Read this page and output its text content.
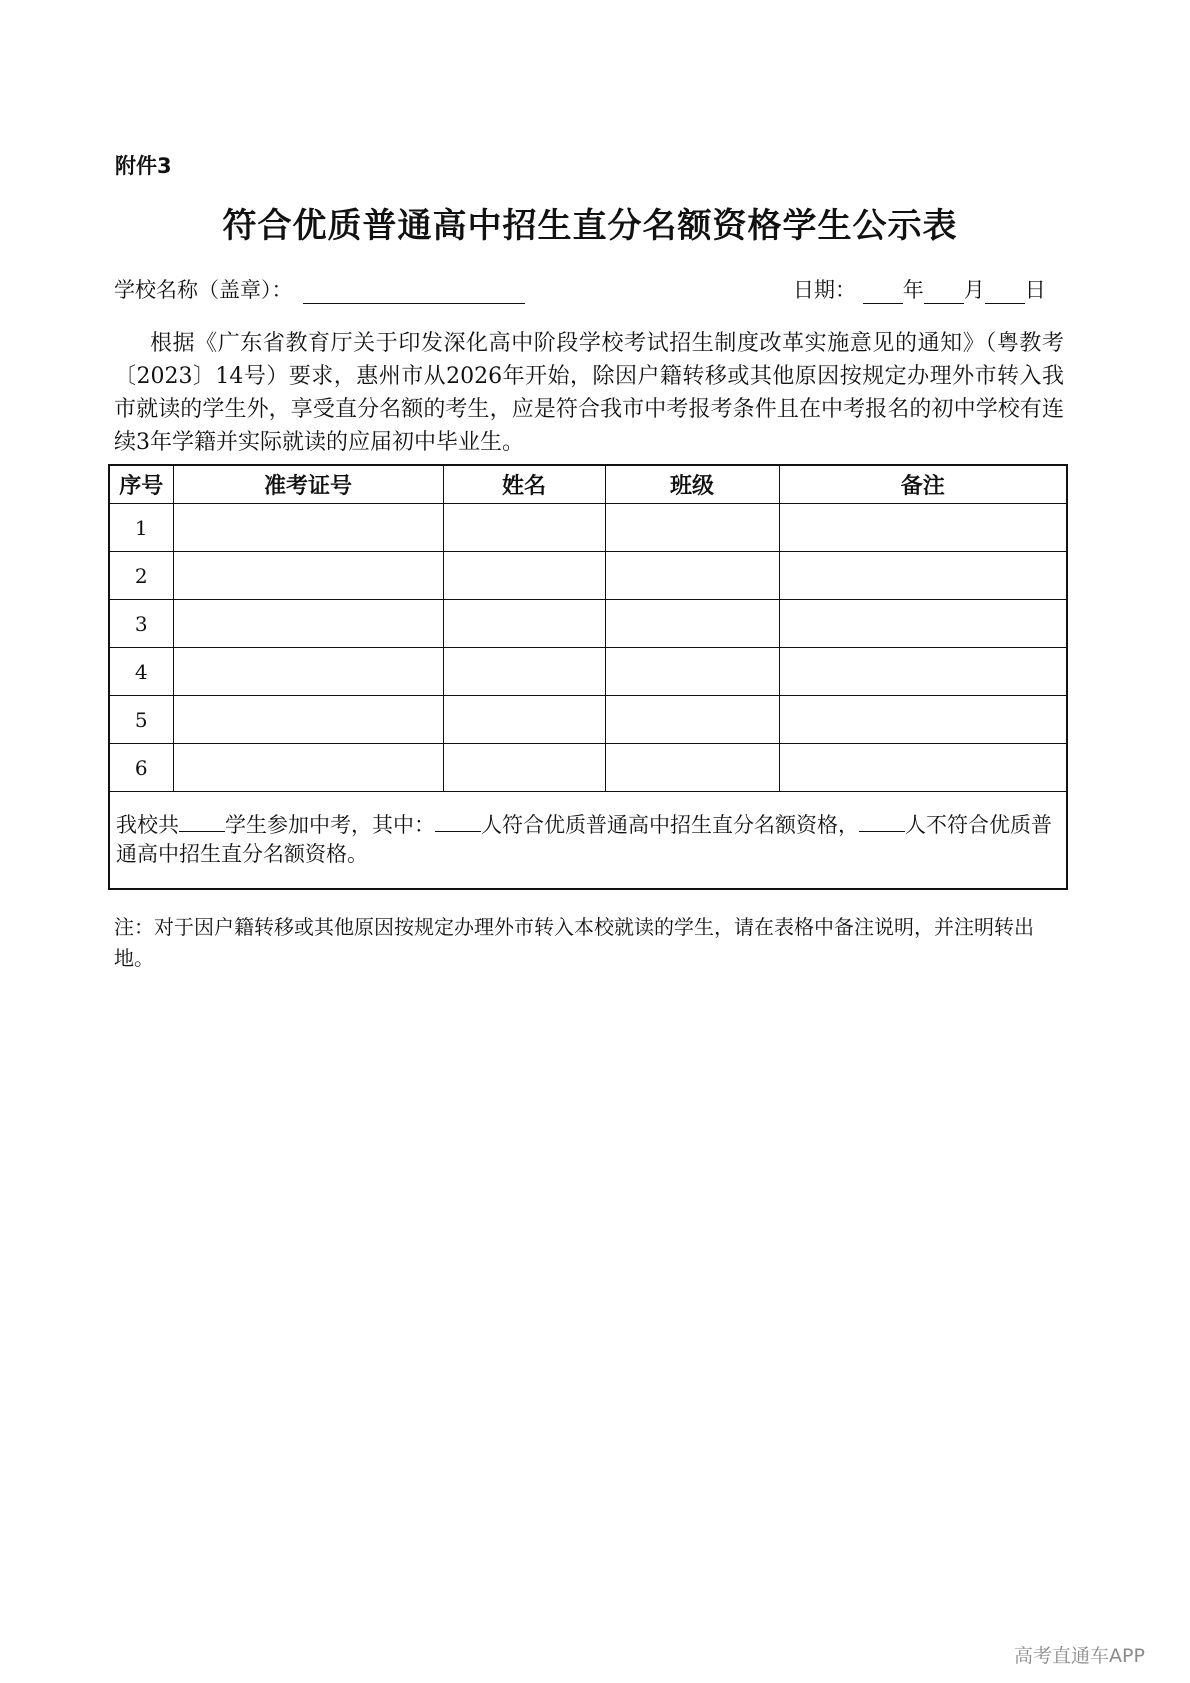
附件3
符合优质普通高中招生直分名额资格学生公示表
学校名称（盖章）：	日期： 年 月 日
根据《广东省教育厅关于印发深化高中阶段学校考试招生制度改革实施意见的通知》（粤教考〔2023〕14号）要求，惠州市从2026年开始，除因户籍转移或其他原因按规定办理外市转入我市就读的学生外，享受直分名额的考生，应是符合我市中考报考条件且在中考报名的初中学校有连续3年学籍并实际就读的应届初中毕业生。
序号	准考证号	姓名	班级	备注
1				
2				
3				
4				
5				
6				
我校共 学生参加中考，其中： 人符合优质普通高中招生直分名额资格， 人不符合优质普通高中招生直分名额资格。				
注：对于因户籍转移或其他原因按规定办理外市转入本校就读的学生，请在表格中备注说明，并注明转出地。
高考直通车APP
